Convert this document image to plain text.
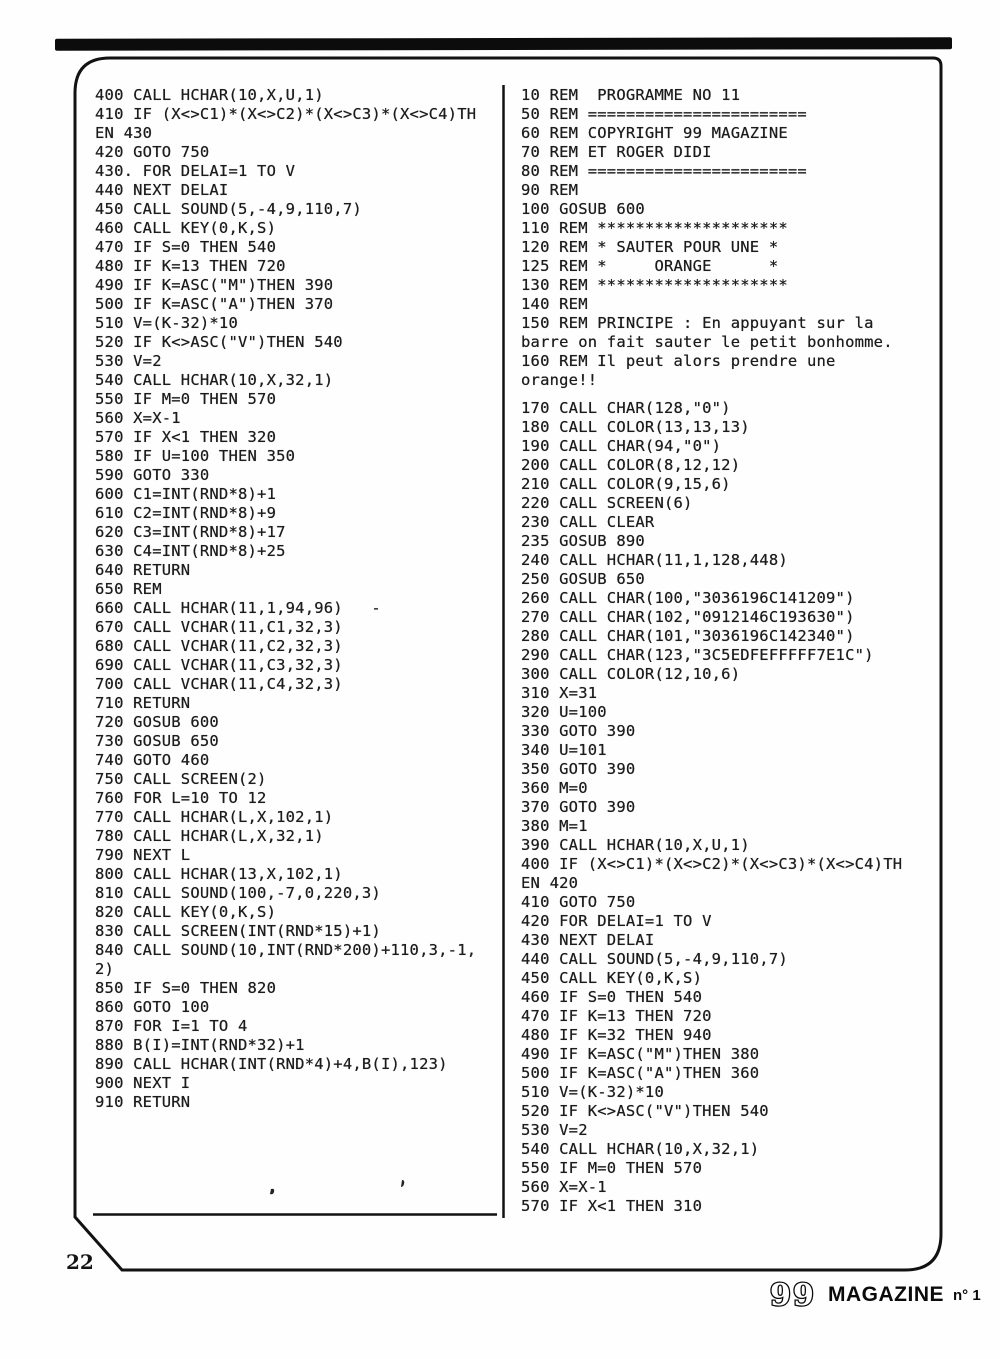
400 CALL HCHAR(10,X,U,1)
410 IF (X<>C1)*(X<>C2)*(X<>C3)*(X<>C4)TH
EN 430
420 GOTO 750
430. FOR DELAI=1 TO V
440 NEXT DELAI
450 CALL SOUND(5,-4,9,110,7)
460 CALL KEY(0,K,S)
470 IF S=0 THEN 540
480 IF K=13 THEN 720
490 IF K=ASC("M")THEN 390
500 IF K=ASC("A")THEN 370
510 V=(K-32)*10
520 IF K<>ASC("V")THEN 540
530 V=2
540 CALL HCHAR(10,X,32,1)
550 IF M=0 THEN 570
560 X=X-1
570 IF X<1 THEN 320
580 IF U=100 THEN 350
590 GOTO 330
600 C1=INT(RND*8)+1
610 C2=INT(RND*8)+9
620 C3=INT(RND*8)+17
630 C4=INT(RND*8)+25
640 RETURN
650 REM
660 CALL HCHAR(11,1,94,96)   -
670 CALL VCHAR(11,C1,32,3)
680 CALL VCHAR(11,C2,32,3)
690 CALL VCHAR(11,C3,32,3)
700 CALL VCHAR(11,C4,32,3)
710 RETURN
720 GOSUB 600
730 GOSUB 650
740 GOTO 460
750 CALL SCREEN(2)
760 FOR L=10 TO 12
770 CALL HCHAR(L,X,102,1)
780 CALL HCHAR(L,X,32,1)
790 NEXT L
800 CALL HCHAR(13,X,102,1)
810 CALL SOUND(100,-7,0,220,3)
820 CALL KEY(0,K,S)
830 CALL SCREEN(INT(RND*15)+1)
840 CALL SOUND(10,INT(RND*200)+110,3,-1,
2)
850 IF S=0 THEN 820
860 GOTO 100
870 FOR I=1 TO 4
880 B(I)=INT(RND*32)+1
890 CALL HCHAR(INT(RND*4)+4,B(I),123)
900 NEXT I
910 RETURN
10 REM  PROGRAMME NO 11
50 REM =======================
60 REM COPYRIGHT 99 MAGAZINE
70 REM ET ROGER DIDI
80 REM =======================
90 REM
100 GOSUB 600
110 REM ********************
120 REM * SAUTER POUR UNE *
125 REM *     ORANGE      *
130 REM ********************
140 REM
150 REM PRINCIPE : En appuyant sur la
barre on fait sauter le petit bonhomme.
160 REM Il peut alors prendre une
orange!!
170 CALL CHAR(128,"0")
180 CALL COLOR(13,13,13)
190 CALL CHAR(94,"0")
200 CALL COLOR(8,12,12)
210 CALL COLOR(9,15,6)
220 CALL SCREEN(6)
230 CALL CLEAR
235 GOSUB 890
240 CALL HCHAR(11,1,128,448)
250 GOSUB 650
260 CALL CHAR(100,"3036196C141209")
270 CALL CHAR(102,"0912146C193630")
280 CALL CHAR(101,"3036196C142340")
290 CALL CHAR(123,"3C5EDFEFFFFF7E1C")
300 CALL COLOR(12,10,6)
310 X=31
320 U=100
330 GOTO 390
340 U=101
350 GOTO 390
360 M=0
370 GOTO 390
380 M=1
390 CALL HCHAR(10,X,U,1)
400 IF (X<>C1)*(X<>C2)*(X<>C3)*(X<>C4)TH
EN 420
410 GOTO 750
420 FOR DELAI=1 TO V
430 NEXT DELAI
440 CALL SOUND(5,-4,9,110,7)
450 CALL KEY(0,K,S)
460 IF S=0 THEN 540
470 IF K=13 THEN 720
480 IF K=32 THEN 940
490 IF K=ASC("M")THEN 380
500 IF K=ASC("A")THEN 360
510 V=(K-32)*10
520 IF K<>ASC("V")THEN 540
530 V=2
540 CALL HCHAR(10,X,32,1)
550 IF M=0 THEN 570
560 X=X-1
570 IF X<1 THEN 310
22
9 9 MAGAZINE n° 1
